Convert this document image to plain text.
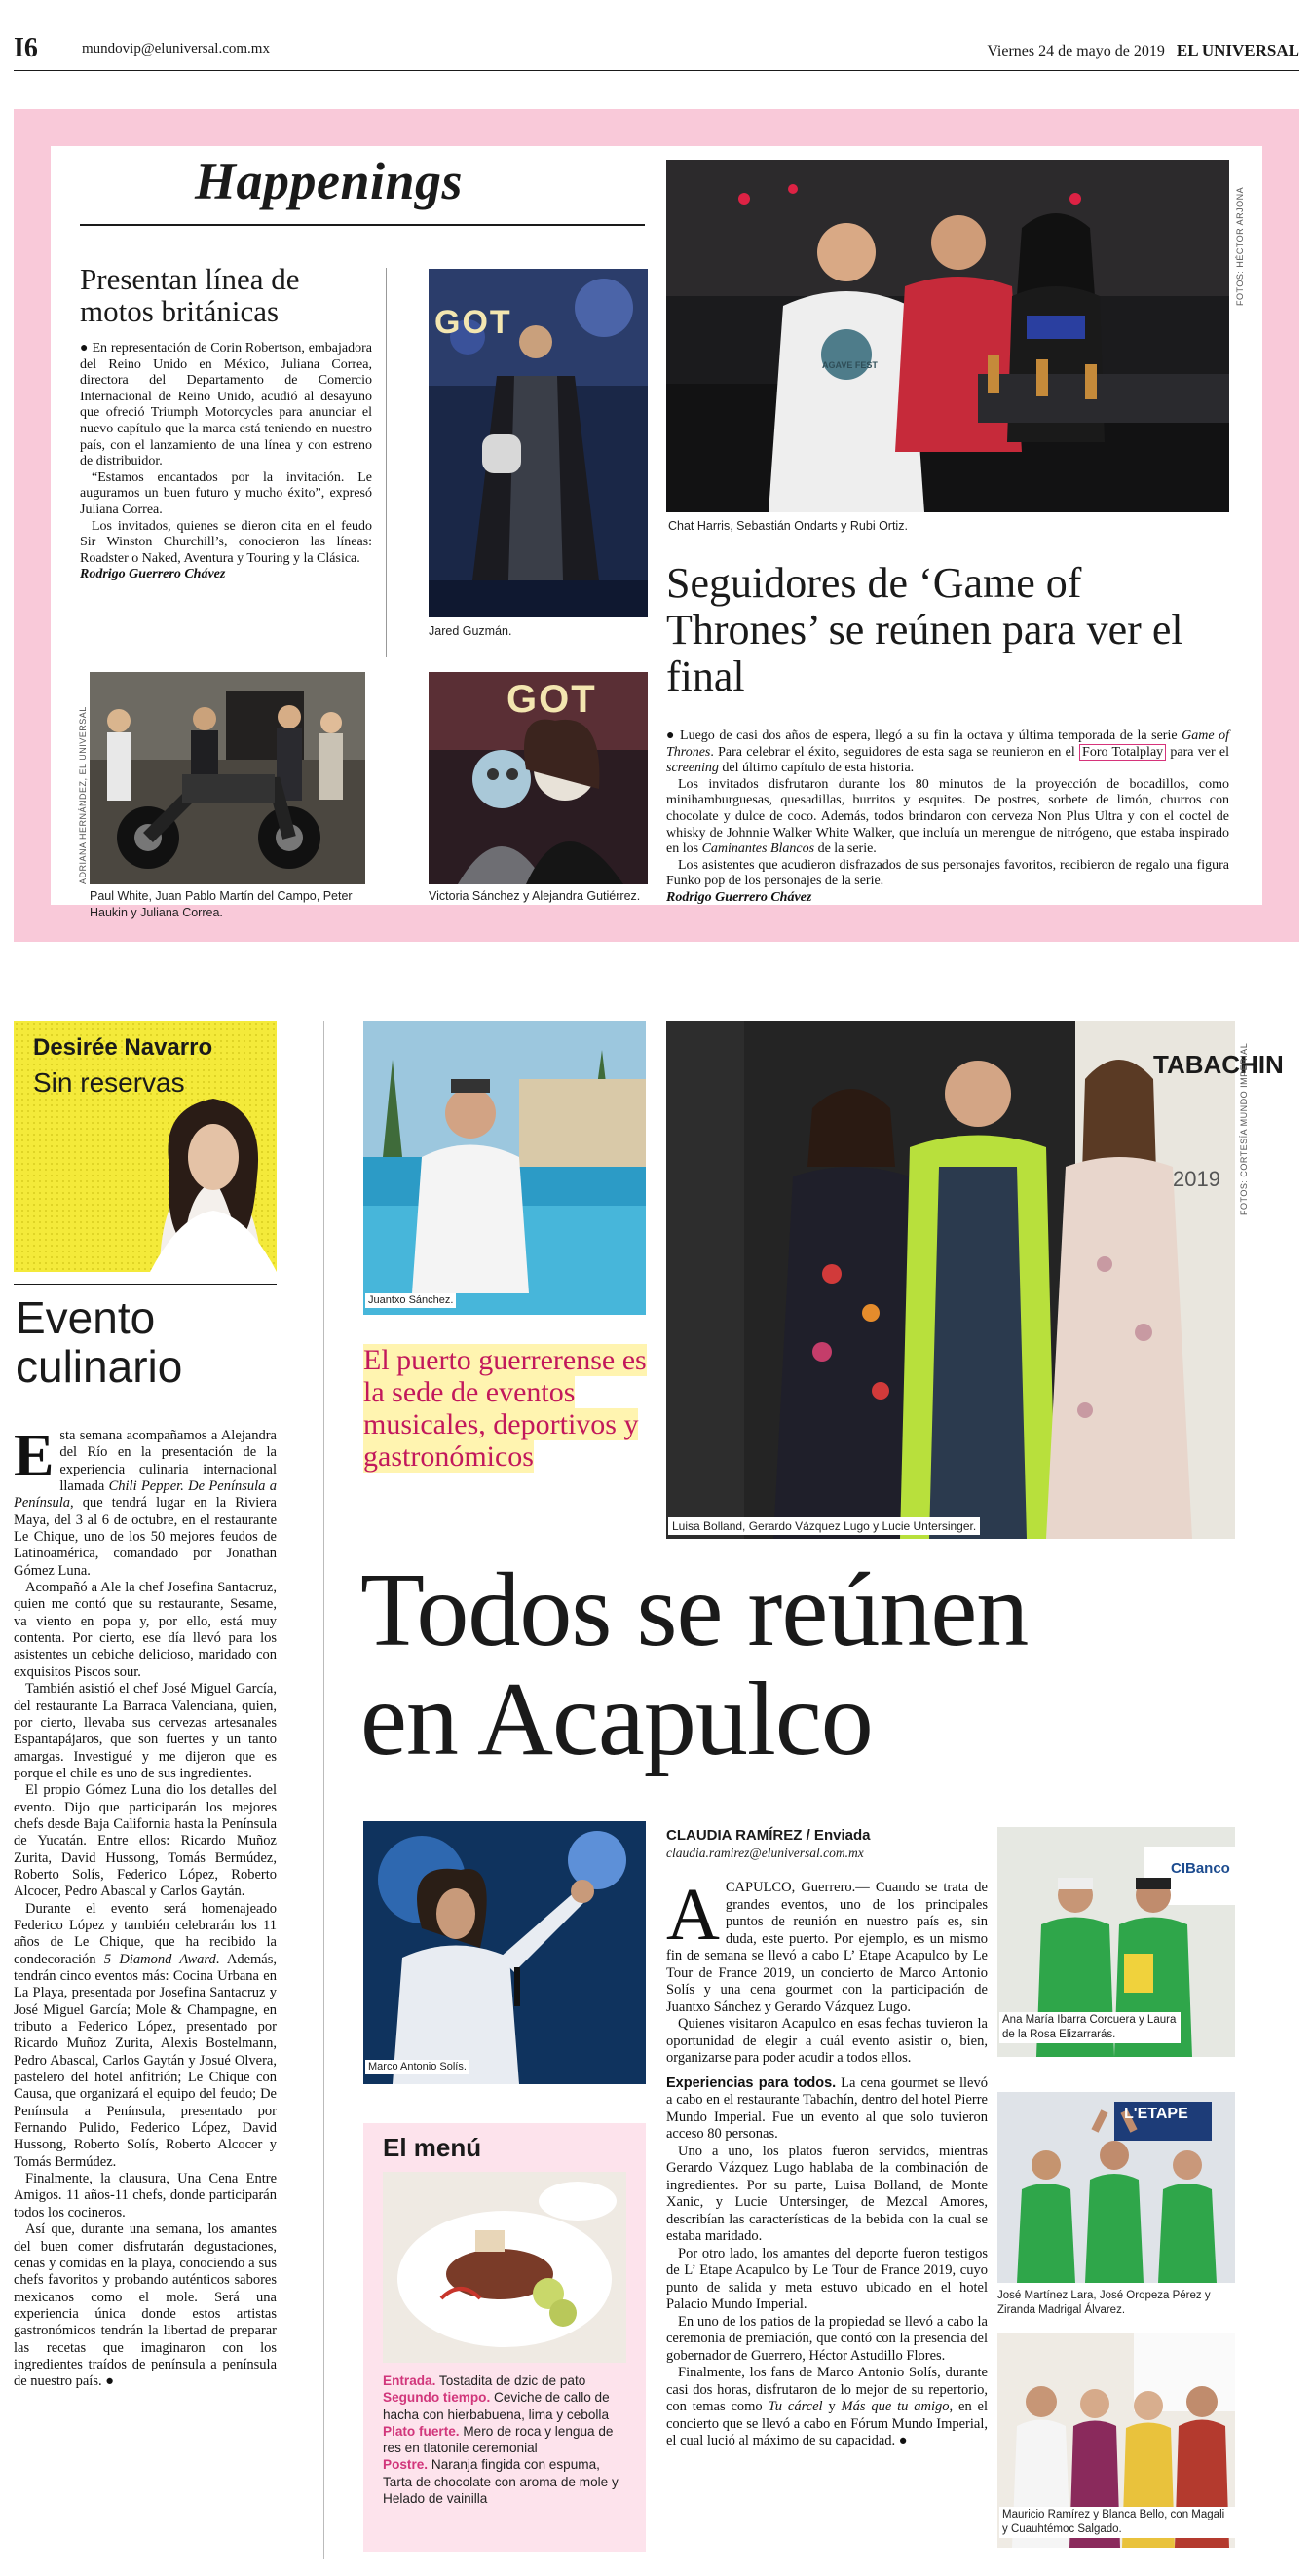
I6	mundovip@eluniversal.com.mx	Viernes 24 de mayo de 2019 EL UNIVERSAL
Happenings
Presentan línea de motos británicas

● En representación de Corin Robertson, embajadora del Reino Unido en México, Juliana Correa, directora del Departamento de Comercio Internacional de Reino Unido, acudió al desayuno que ofreció Triumph Motorcycles para anunciar el nuevo capítulo que la marca está teniendo en nuestro país, con el lanzamiento de una línea y con estreno de distribuidor.

“Estamos encantados por la invitación. Le auguramos un buen futuro y mucho éxito”, expresó Juliana Correa.

Los invitados, quienes se dieron cita en el feudo Sir Winston Churchill’s, conocieron las líneas: Roadster o Naked, Aventura y Touring y la Clásica.

Rodrigo Guerrero Chávez

ADRIANA HERNÁNDEZ, EL UNIVERSAL
Paul White, Juan Pablo Martín del Campo, Peter Haukin y Juliana Correa.
GOT
Jared Guzmán.
GOT
Victoria Sánchez y Alejandra Gutiérrez.
AGAVE FEST
FOTOS: HÉCTOR ARJONA
Chat Harris, Sebastián Ondarts y Rubi Ortiz.
Seguidores de ‘Game of Thrones’ se reúnen para ver el final

● Luego de casi dos años de espera, llegó a su fin la octava y última temporada de la serie Game of Thrones. Para celebrar el éxito, seguidores de esta saga se reunieron en el Foro Totalplay para ver el screening del último capítulo de esta historia.

Los invitados disfrutaron durante los 80 minutos de la proyección de bocadillos, como minihamburguesas, quesadillas, burritos y esquites. De postres, sorbete de limón, churros con chocolate y dulce de coco. Además, todos brindaron con cerveza Non Plus Ultra y con el coctel de whisky de Johnnie Walker White Walker, que incluía un merengue de nitrógeno, que estaba inspirado en los Caminantes Blancos de la serie.

Los asistentes que acudieron disfrazados de sus personajes favoritos, recibieron de regalo una figura Funko pop de los personajes de la serie.

Rodrigo Guerrero Chávez

Desirée Navarro
Sin reservas
Evento culinario

Esta semana acompañamos a Alejandra del Río en la presentación de la experiencia culinaria internacional llamada Chili Pepper. De Península a Península, que tendrá lugar en la Riviera Maya, del 3 al 6 de octubre, en el restaurante Le Chique, uno de los 50 mejores feudos de Latinoamérica, comandado por Jonathan Gómez Luna.

Acompañó a Ale la chef Josefina Santacruz, quien me contó que su restaurante, Sesame, va viento en popa y, por ello, está muy contenta. Por cierto, ese día llevó para los asistentes un cebiche delicioso, maridado con exquisitos Piscos sour.

También asistió el chef José Miguel García, del restaurante La Barraca Valenciana, quien, por cierto, llevaba sus cervezas artesanales Espantapájaros, que son fuertes y un tanto amargas. Investigué y me dijeron que es porque el chile es uno de sus ingredientes.

El propio Gómez Luna dio los detalles del evento. Dijo que participarán los mejores chefs desde Baja California hasta la Península de Yucatán. Entre ellos: Ricardo Muñoz Zurita, David Hussong, Tomás Bermúdez, Roberto Solís, Federico López, Roberto Alcocer, Pedro Abascal y Carlos Gaytán.

Durante el evento será homenajeado Federico López y también celebrarán los 11 años de Le Chique, que ha recibido la condecoración 5 Diamond Award. Además, tendrán cinco eventos más: Cocina Urbana en La Playa, presentada por Josefina Santacruz y José Miguel García; Mole & Champagne, en tributo a Federico López, presentado por Ricardo Muñoz Zurita, Alexis Bostelmann, Pedro Abascal, Carlos Gaytán y Josué Olvera, pastelero del hotel anfitrión; Le Chique con Causa, que organizará el equipo del feudo; De Península a Península, presentado por Fernando Pulido, Federico López, David Hussong, Roberto Solís, Roberto Alcocer y Tomás Bermúdez.

Finalmente, la clausura, Una Cena Entre Amigos. 11 años-11 chefs, donde participarán todos los cocineros.

Así que, durante una semana, los amantes del buen comer disfrutarán degustaciones, cenas y comidas en la playa, conociendo a sus chefs favoritos y probando auténticos sabores mexicanos como el mole. Será una experiencia única donde estos artistas gastronómicos tendrán la libertad de preparar las recetas que imaginaron con los ingredientes traídos de península a península de nuestro país. ●

Juantxo Sánchez.
El puerto guerrerense es la sede de eventos musicales, deportivos y gastronómicos
TABACHIN
2019 FOTOS: CORTESÍA MUNDO IMPERIAL
Luisa Bolland, Gerardo Vázquez Lugo y Lucie Untersinger.
Todos se reúnen
en Acapulco
Marco Antonio Solís.
El menú
Entrada. Tostadita de dzic de pato
Segundo tiempo. Ceviche de callo de hacha con hierbabuena, lima y cebolla
Plato fuerte. Mero de roca y lengua de res en tlatonile ceremonial
Postre. Naranja fingida con espuma, Tarta de chocolate con aroma de mole y Helado de vainilla
CLAUDIA RAMÍREZ / Enviada
claudia.ramirez@eluniversal.com.mx

ACAPULCO, Guerrero.— Cuando se trata de grandes eventos, uno de los principales puntos de reunión en nuestro país es, sin duda, este puerto. Por ejemplo, es un mismo fin de semana se llevó a cabo L’ Etape Acapulco by Le Tour de France 2019, un concierto de Marco Antonio Solís y una cena gourmet con la participación de Juantxo Sánchez y Gerardo Vázquez Lugo.

Quienes visitaron Acapulco en esas fechas tuvieron la oportunidad de elegir a cuál evento asistir o, bien, organizarse para poder acudir a todos ellos.

Experiencias para todos. La cena gourmet se llevó a cabo en el restaurante Tabachín, dentro del hotel Pierre Mundo Imperial. Fue un evento al que solo tuvieron acceso 80 personas.

Uno a uno, los platos fueron servidos, mientras Gerardo Vázquez Lugo hablaba de la combinación de ingredientes. Por su parte, Luisa Bolland, de Monte Xanic, y Lucie Untersinger, de Mezcal Amores, describían las características de la bebida con la cual se estaba maridado.

Por otro lado, los amantes del deporte fueron testigos de L’ Etape Acapulco by Le Tour de France 2019, cuyo punto de salida y meta estuvo ubicado en el hotel Palacio Mundo Imperial.

En uno de los patios de la propiedad se llevó a cabo la ceremonia de premiación, que contó con la presencia del gobernador de Guerrero, Héctor Astudillo Flores.

Finalmente, los fans de Marco Antonio Solís, durante casi dos horas, disfrutaron de lo mejor de su repertorio, con temas como Tu cárcel y Más que tu amigo, en el concierto que se llevó a cabo en Fórum Mundo Imperial, el cual lució al máximo de su capacidad. ●

CIBanco
Ana María Ibarra Corcuera y Laura de la Rosa Elizarrarás.
L'ETAPE
José Martínez Lara, José Oropeza Pérez y Ziranda Madrigal Álvarez.
Mauricio Ramírez y Blanca Bello, con Magali y Cuauhtémoc Salgado.
